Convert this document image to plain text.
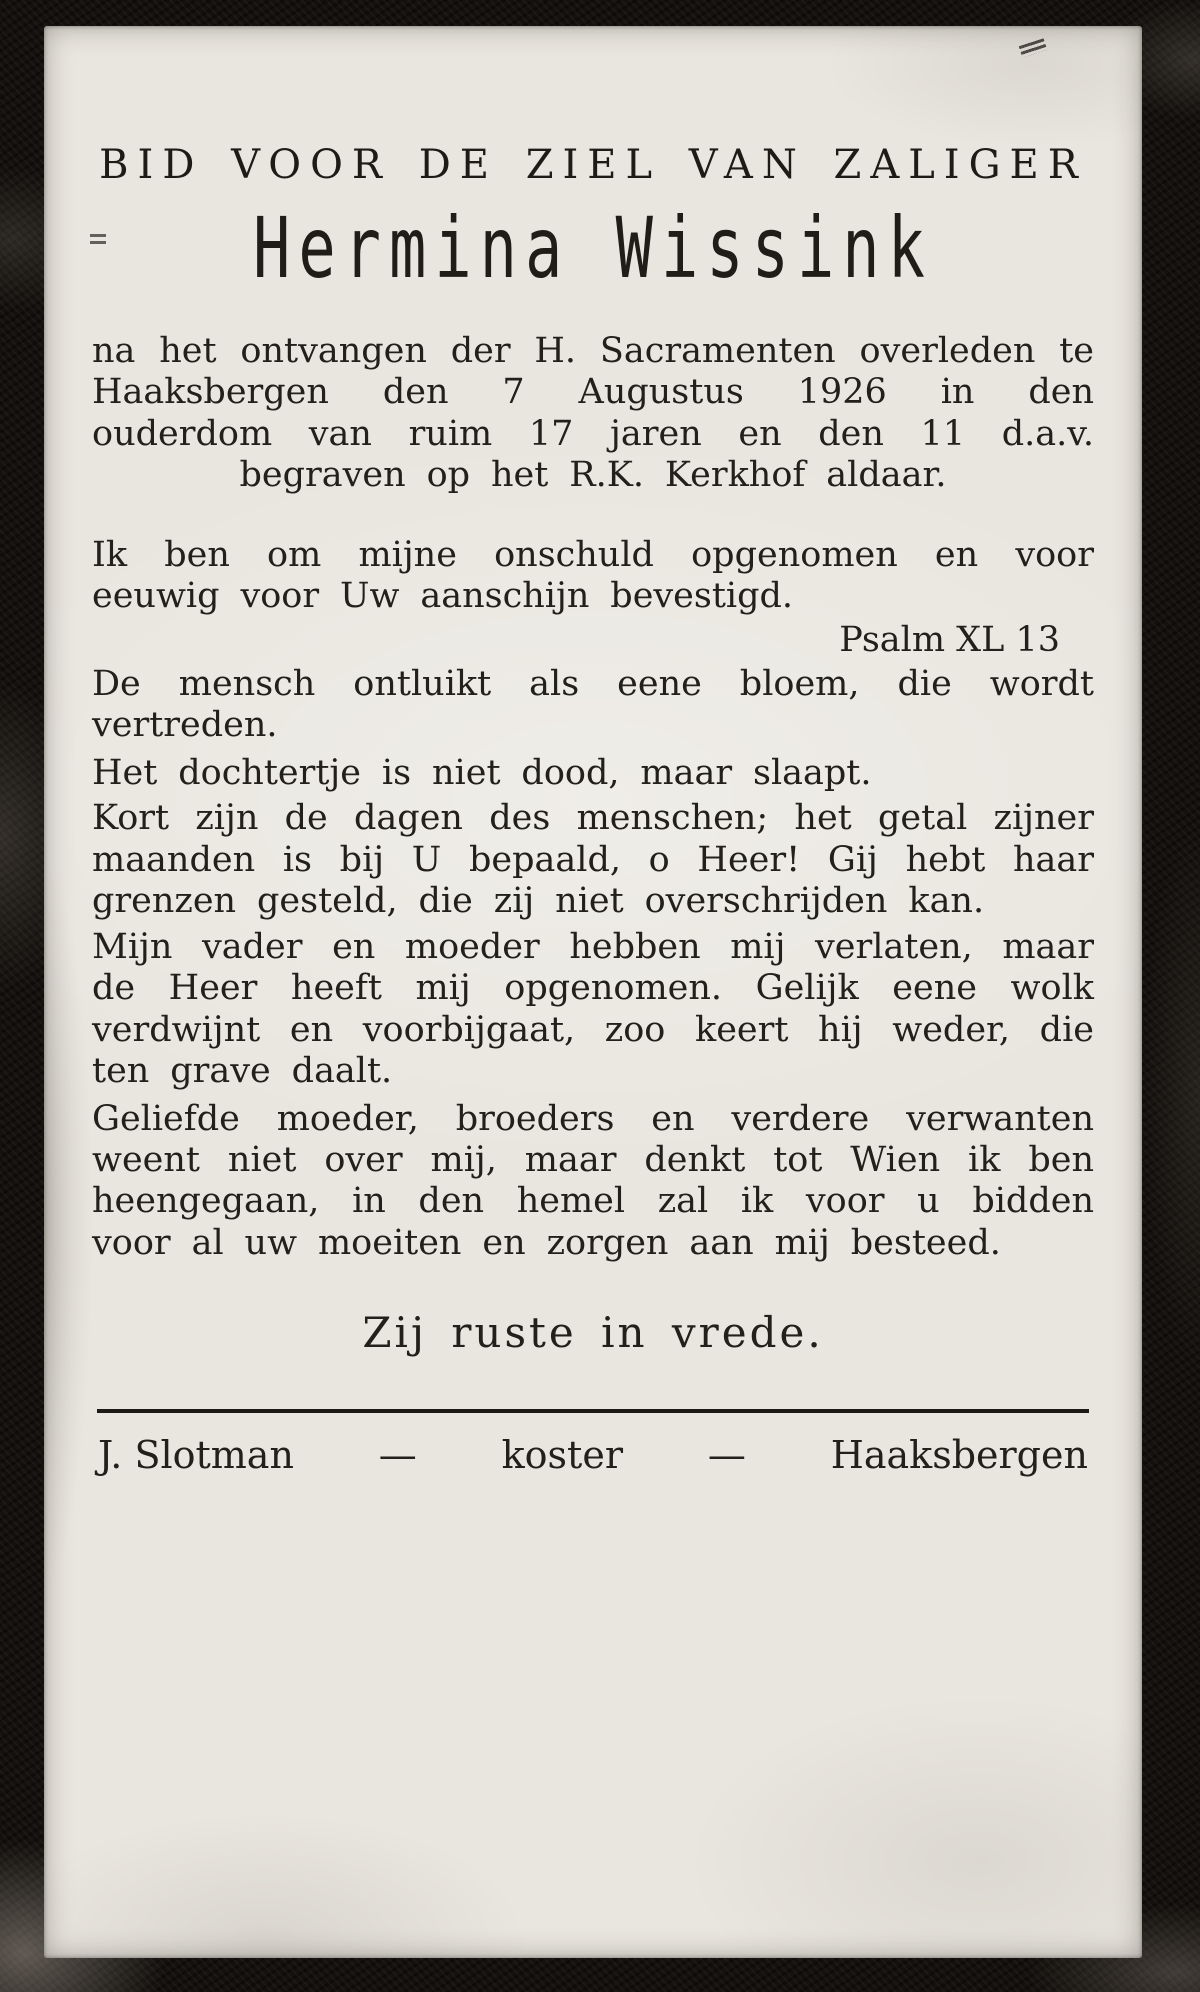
BID VOOR DE ZIEL VAN ZALIGER
Hermina Wissink

na het ontvangen der H. Sacramenten overleden te Haaksbergen den 7 Augustus 1926 in den ouderdom van ruim 17 jaren en den 11 d.a.v. begraven op het R.K. Kerkhof aldaar.

Ik ben om mijne onschuld opgenomen en voor eeuwig voor Uw aanschijn bevestigd.

Psalm XL 13

De mensch ontluikt als eene bloem, die wordt vertreden.

Het dochtertje is niet dood, maar slaapt.

Kort zijn de dagen des menschen; het getal zijner maanden is bij U bepaald, o Heer! Gij hebt haar grenzen gesteld, die zij niet overschrijden kan.

Mijn vader en moeder hebben mij verlaten, maar de Heer heeft mij opgenomen. Gelijk eene wolk verdwijnt en voorbijgaat, zoo keert hij weder, die ten grave daalt.

Geliefde moeder, broeders en verdere verwanten weent niet over mij, maar denkt tot Wien ik ben heengegaan, in den hemel zal ik voor u bidden voor al uw moeiten en zorgen aan mij besteed.

Zij ruste in vrede.
J. Slotman — koster — Haaksbergen
